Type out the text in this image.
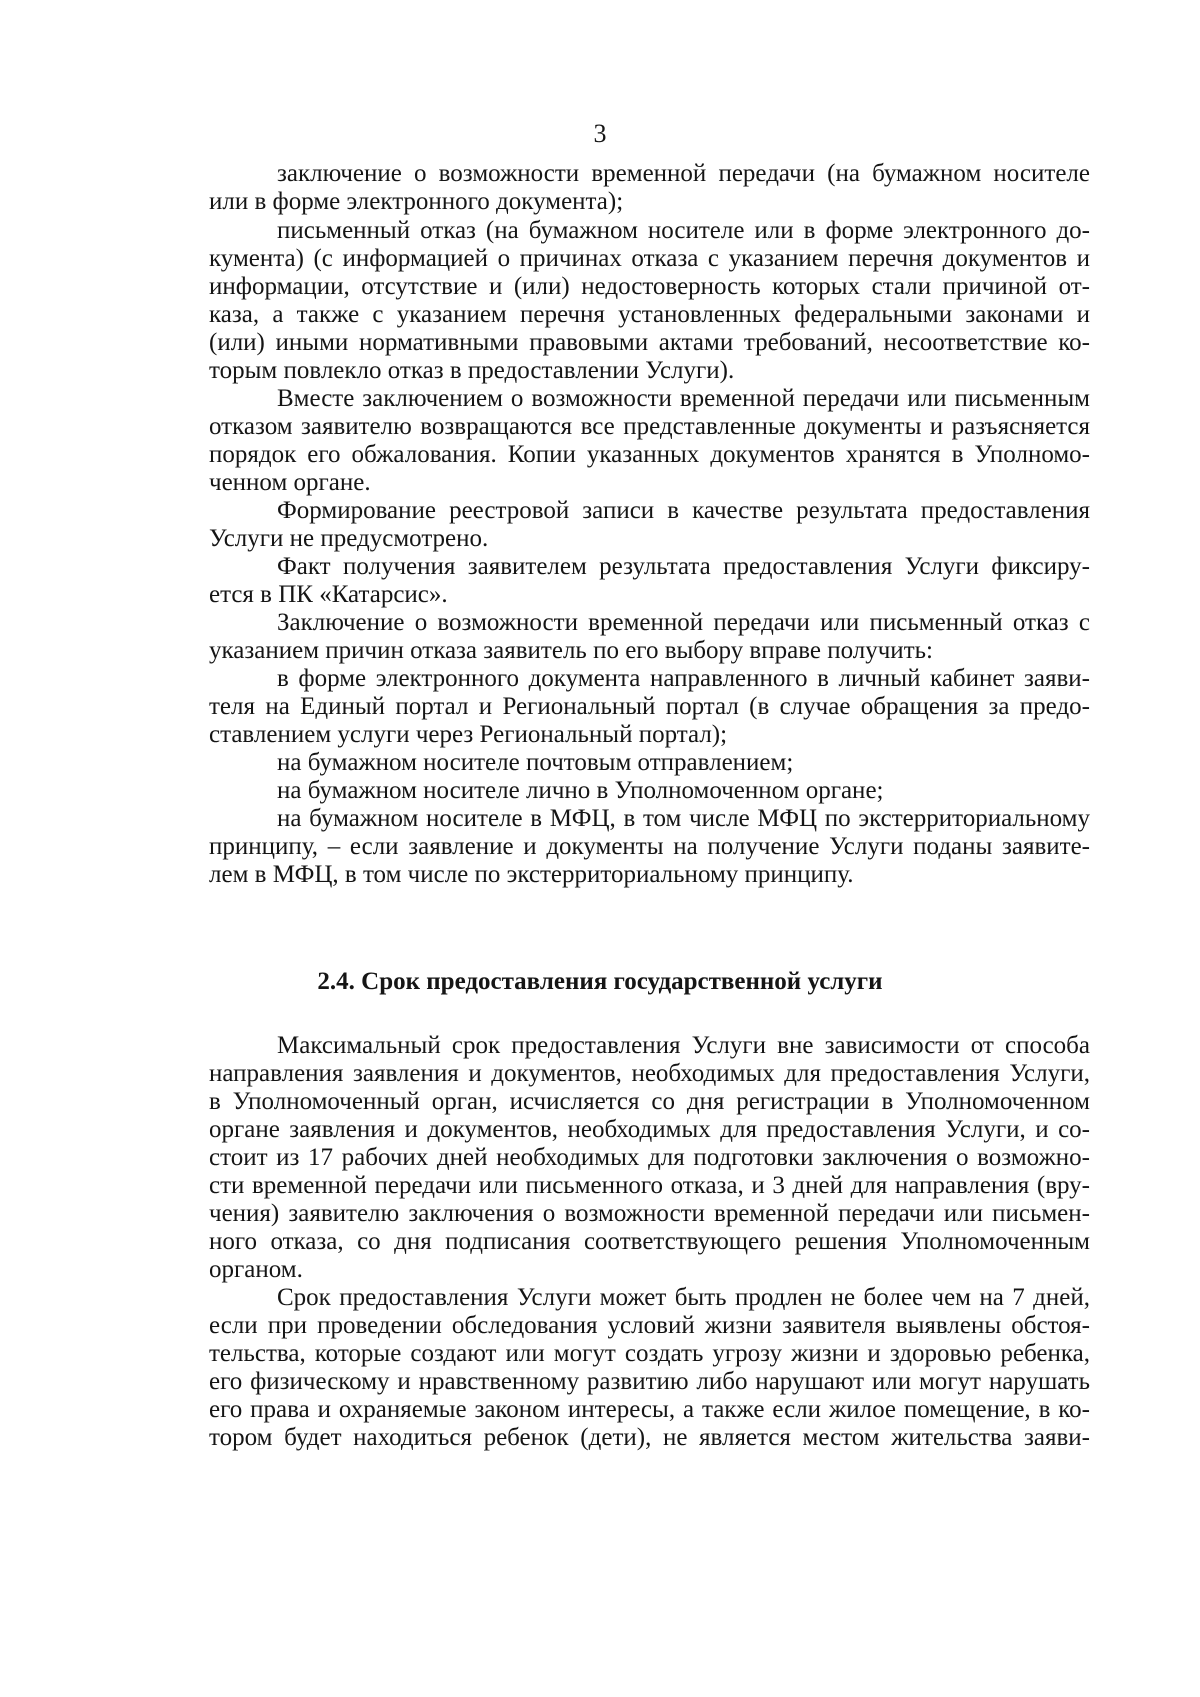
3
заключение о возможности временной передачи (на бумажном носителе
или в форме электронного документа);
письменный отказ (на бумажном носителе или в форме электронного до-
кумента) (с информацией о причинах отказа с указанием перечня документов и
информации, отсутствие и (или) недостоверность которых стали причиной от-
каза, а также с указанием перечня установленных федеральными законами и
(или) иными нормативными правовыми актами требований, несоответствие ко-
торым повлекло отказ в предоставлении Услуги).
Вместе заключением о возможности временной передачи или письменным
отказом заявителю возвращаются все представленные документы и разъясняется
порядок его обжалования. Копии указанных документов хранятся в Уполномо-
ченном органе.
Формирование реестровой записи в качестве результата предоставления
Услуги не предусмотрено.
Факт получения заявителем результата предоставления Услуги фиксиру-
ется в ПК «Катарсис».
Заключение о возможности временной передачи или письменный отказ с
указанием причин отказа заявитель по его выбору вправе получить:
в форме электронного документа направленного в личный кабинет заяви-
теля на Единый портал и Региональный портал (в случае обращения за предо-
ставлением услуги через Региональный портал);
на бумажном носителе почтовым отправлением;
на бумажном носителе лично в Уполномоченном органе;
на бумажном носителе в МФЦ, в том числе МФЦ по экстерриториальному
принципу, – если заявление и документы на получение Услуги поданы заявите-
лем в МФЦ, в том числе по экстерриториальному принципу.
2.4. Срок предоставления государственной услуги
Максимальный срок предоставления Услуги вне зависимости от способа
направления заявления и документов, необходимых для предоставления Услуги,
в Уполномоченный орган, исчисляется со дня регистрации в Уполномоченном
органе заявления и документов, необходимых для предоставления Услуги, и со-
стоит из 17 рабочих дней необходимых для подготовки заключения о возможно-
сти временной передачи или письменного отказа, и 3 дней для направления (вру-
чения) заявителю заключения о возможности временной передачи или письмен-
ного отказа, со дня подписания соответствующего решения Уполномоченным
органом.
Срок предоставления Услуги может быть продлен не более чем на 7 дней,
если при проведении обследования условий жизни заявителя выявлены обстоя-
тельства, которые создают или могут создать угрозу жизни и здоровью ребенка,
его физическому и нравственному развитию либо нарушают или могут нарушать
его права и охраняемые законом интересы, а также если жилое помещение, в ко-
тором будет находиться ребенок (дети), не является местом жительства заяви-
